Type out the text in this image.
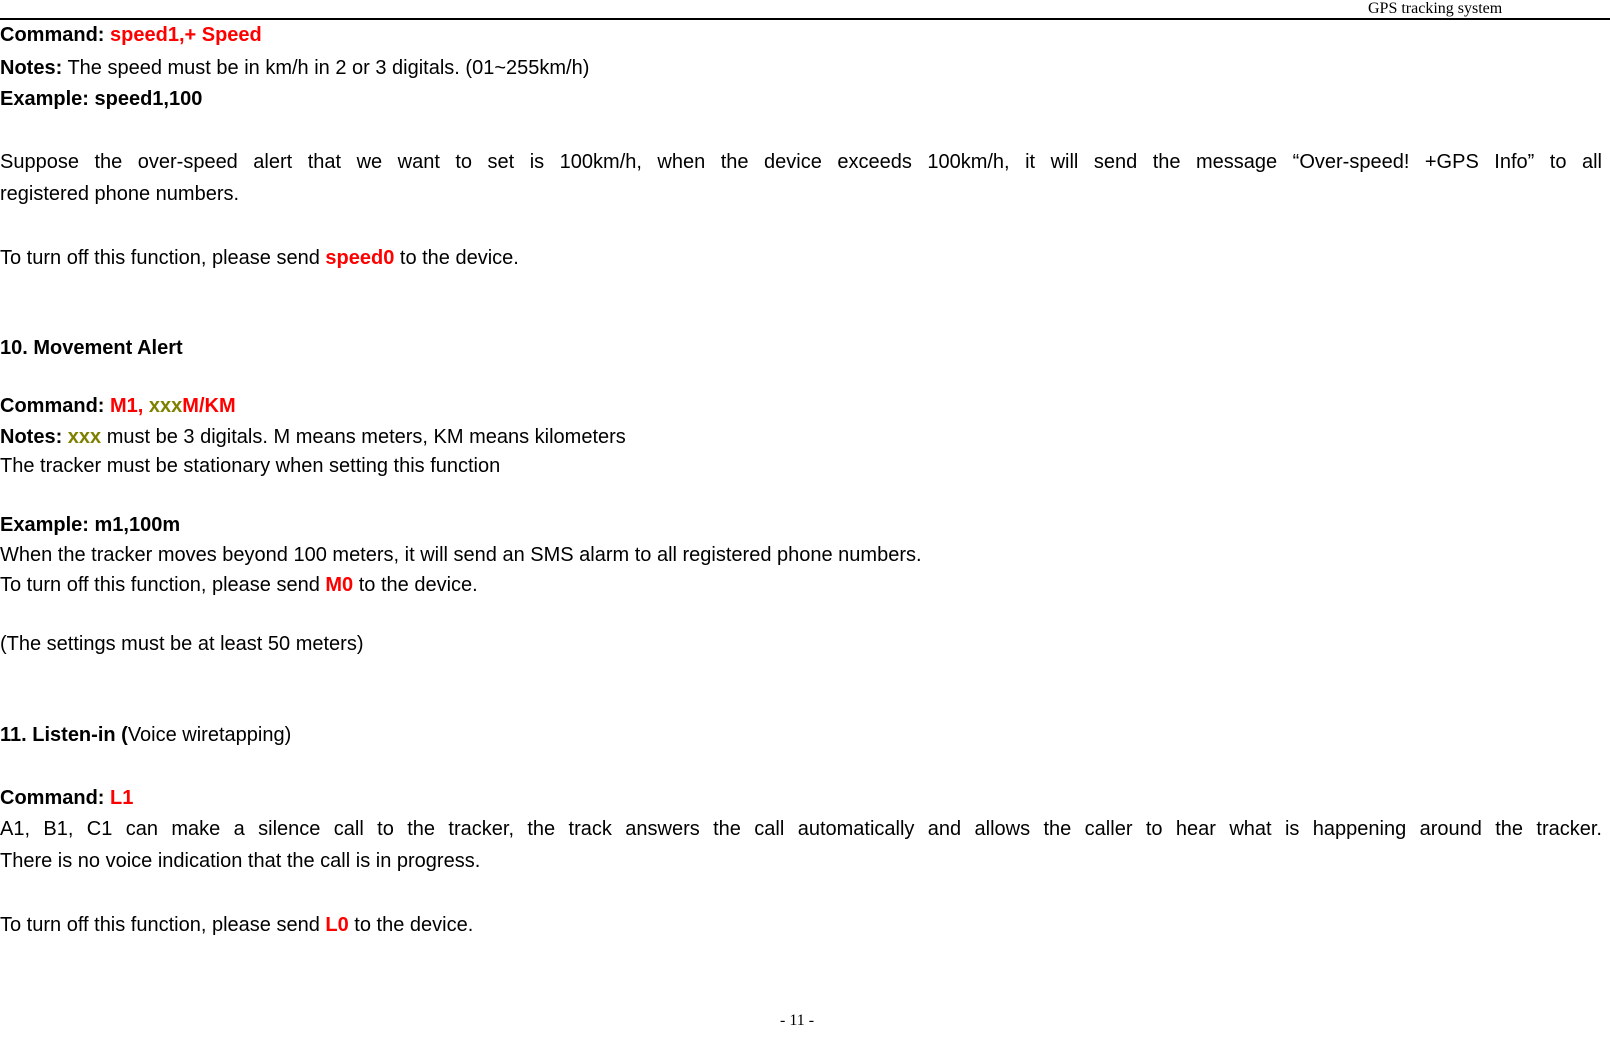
GPS tracking system
Command: speed1,+ Speed
Notes: The speed must be in km/h in 2 or 3 digitals. (01~255km/h)
Example: speed1,100
Suppose the over-speed alert that we want to set is 100km/h, when the device exceeds 100km/h, it will send the message “Over-speed! +GPS Info” to all
registered phone numbers.
To turn off this function, please send speed0 to the device.
10. Movement Alert
Command: M1, xxxM/KM
Notes: xxx must be 3 digitals. M means meters, KM means kilometers
The tracker must be stationary when setting this function
Example: m1,100m
When the tracker moves beyond 100 meters, it will send an SMS alarm to all registered phone numbers.
To turn off this function, please send M0 to the device.
(The settings must be at least 50 meters)
11. Listen-in (Voice wiretapping)
Command: L1
A1, B1, C1 can make a silence call to the tracker, the track answers the call automatically and allows the caller to hear what is happening around the tracker.
There is no voice indication that the call is in progress.
To turn off this function, please send L0 to the device.
- 11 -
